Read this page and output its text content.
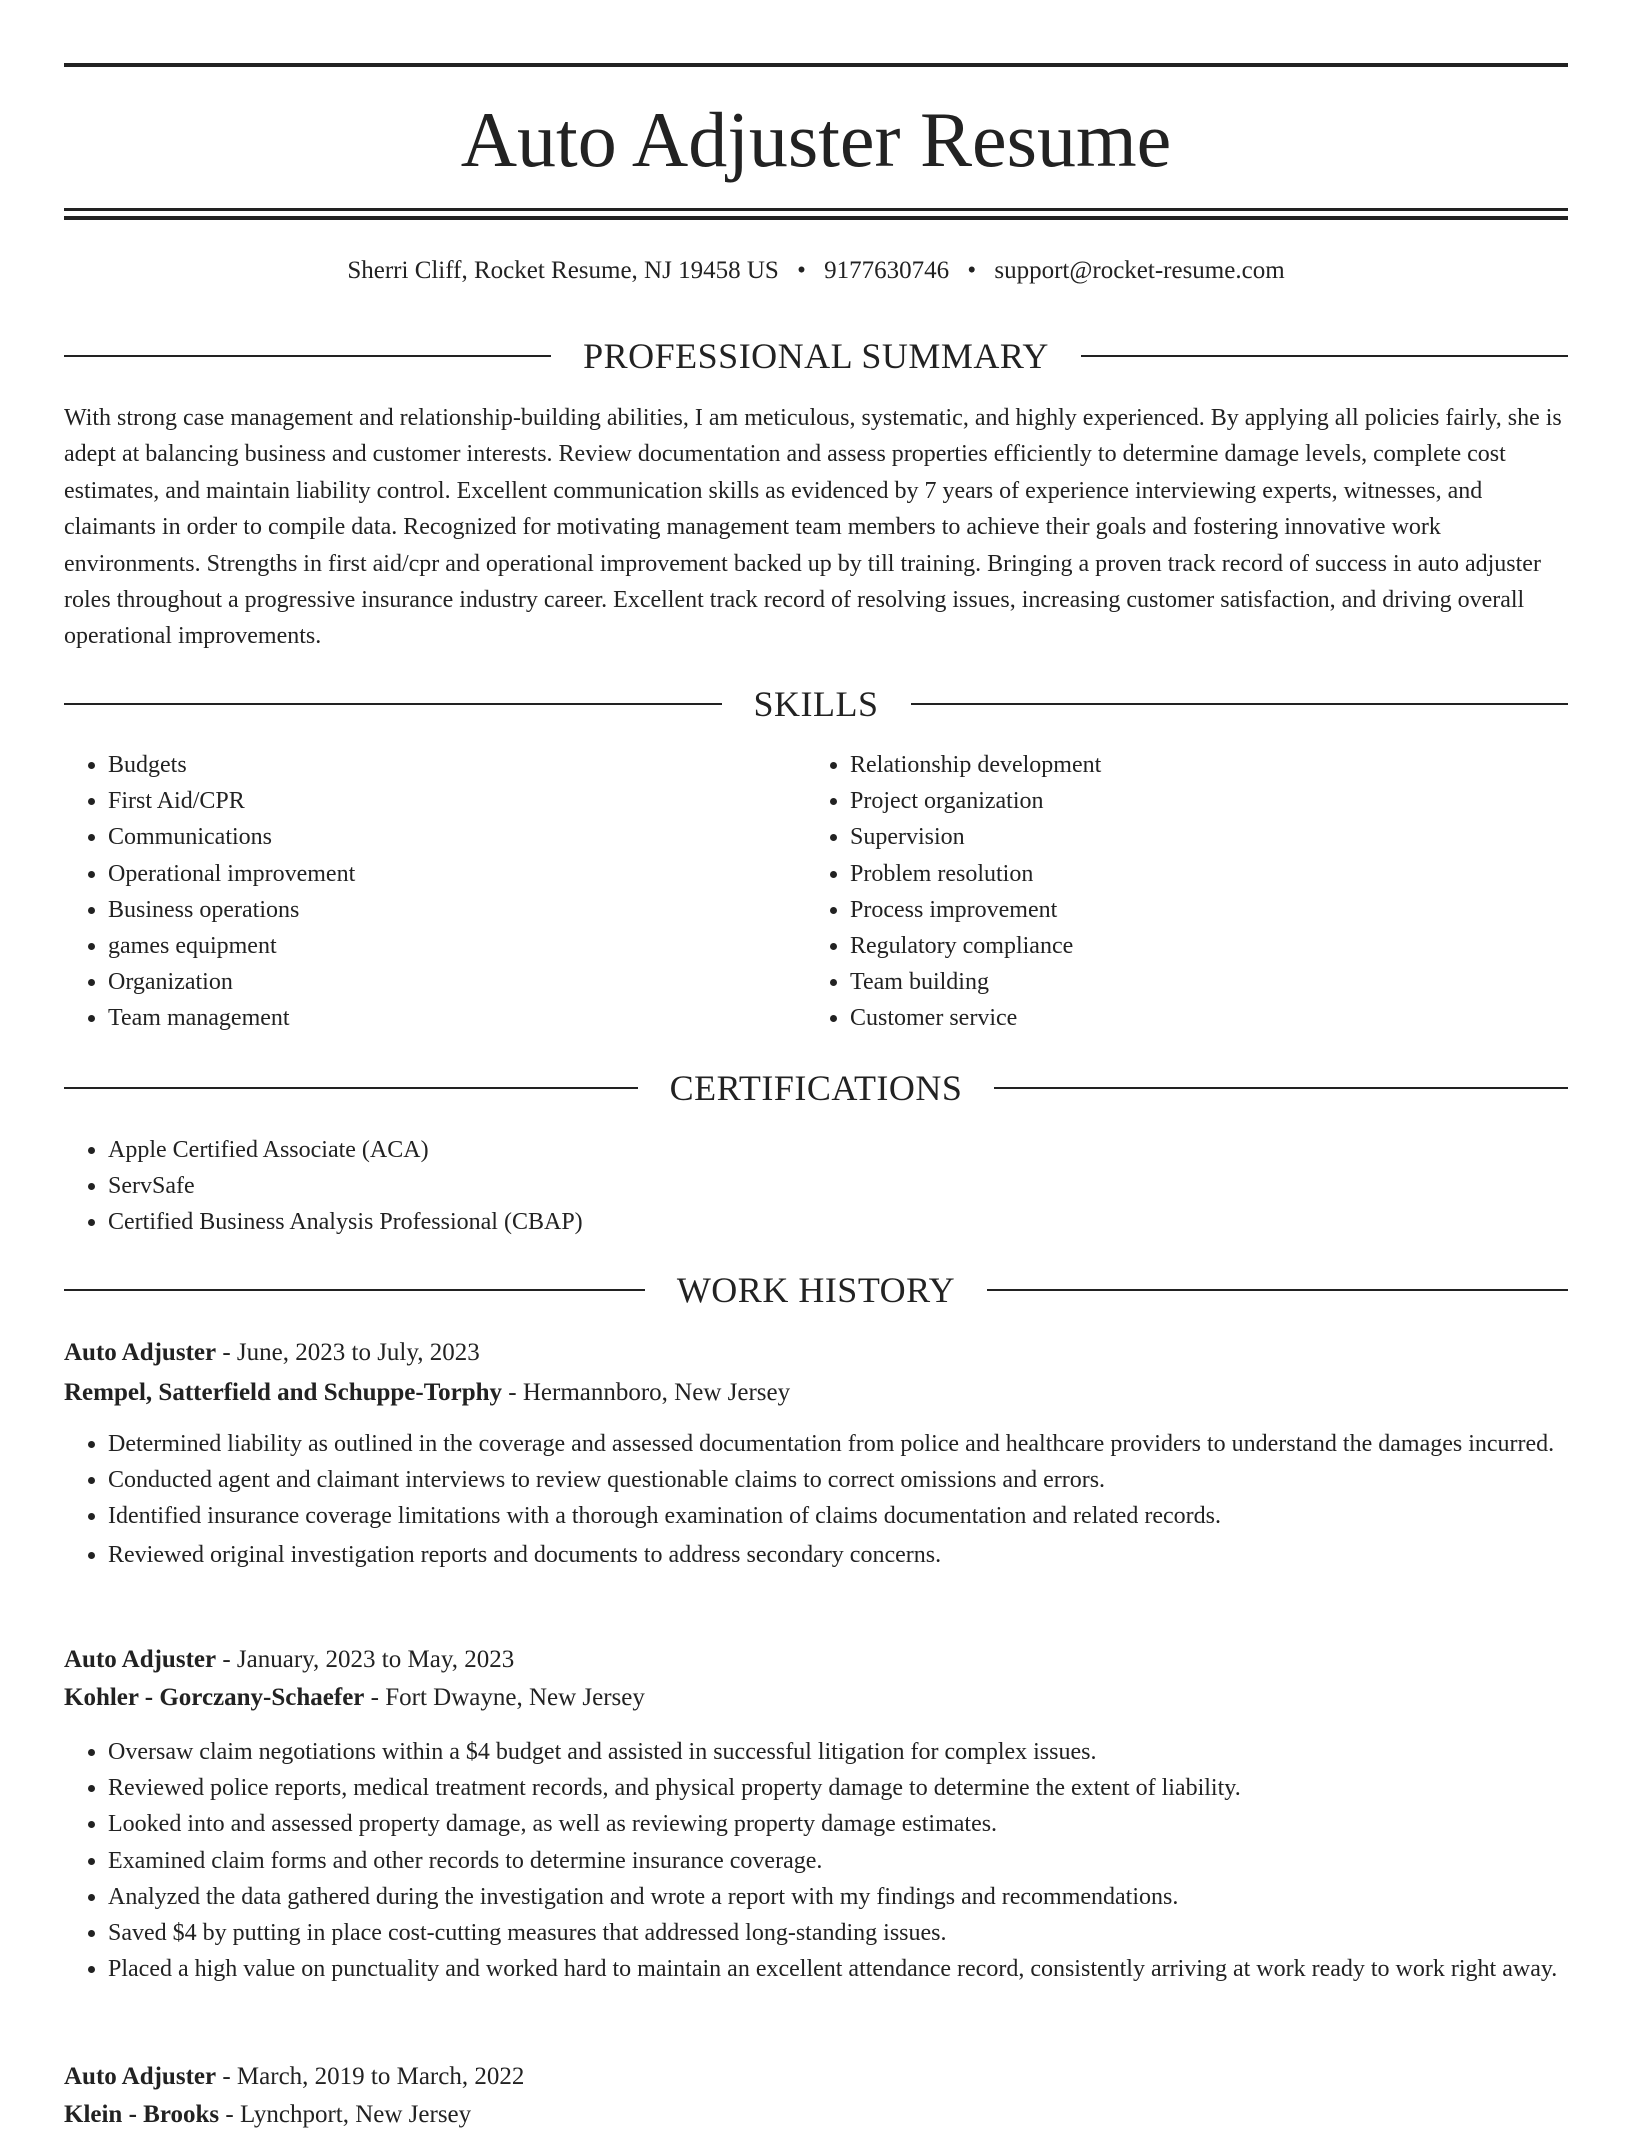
Auto Adjuster Resume
Sherri Cliff, Rocket Resume, NJ 19458 US • 9177630746 • support@rocket-resume.com
PROFESSIONAL SUMMARY

With strong case management and relationship-building abilities, I am meticulous, systematic, and highly experienced. By applying all policies fairly, she is adept at balancing business and customer interests. Review documentation and assess properties efficiently to determine damage levels, complete cost estimates, and maintain liability control. Excellent communication skills as evidenced by 7 years of experience interviewing experts, witnesses, and claimants in order to compile data. Recognized for motivating management team members to achieve their goals and fostering innovative work environments. Strengths in first aid/cpr and operational improvement backed up by till training. Bringing a proven track record of success in auto adjuster roles throughout a progressive insurance industry career. Excellent track record of resolving issues, increasing customer satisfaction, and driving overall operational improvements.

SKILLS
• Budgets
• First Aid/CPR
• Communications
• Operational improvement
• Business operations
• games equipment
• Organization
• Team management
• Relationship development
• Project organization
• Supervision
• Problem resolution
• Process improvement
• Regulatory compliance
• Team building
• Customer service
CERTIFICATIONS
• Apple Certified Associate (ACA)
• ServSafe
• Certified Business Analysis Professional (CBAP)
WORK HISTORY
Auto Adjuster - June, 2023 to July, 2023
Rempel, Satterfield and Schuppe-Torphy - Hermannboro, New Jersey
• Determined liability as outlined in the coverage and assessed documentation from police and healthcare providers to understand the damages incurred.
• Conducted agent and claimant interviews to review questionable claims to correct omissions and errors.
• Identified insurance coverage limitations with a thorough examination of claims documentation and related records.
• Reviewed original investigation reports and documents to address secondary concerns.
Auto Adjuster - January, 2023 to May, 2023
Kohler - Gorczany-Schaefer - Fort Dwayne, New Jersey
• Oversaw claim negotiations within a $4 budget and assisted in successful litigation for complex issues.
• Reviewed police reports, medical treatment records, and physical property damage to determine the extent of liability.
• Looked into and assessed property damage, as well as reviewing property damage estimates.
• Examined claim forms and other records to determine insurance coverage.
• Analyzed the data gathered during the investigation and wrote a report with my findings and recommendations.
• Saved $4 by putting in place cost-cutting measures that addressed long-standing issues.
• Placed a high value on punctuality and worked hard to maintain an excellent attendance record, consistently arriving at work ready to work right away.
Auto Adjuster - March, 2019 to March, 2022
Klein - Brooks - Lynchport, New Jersey
